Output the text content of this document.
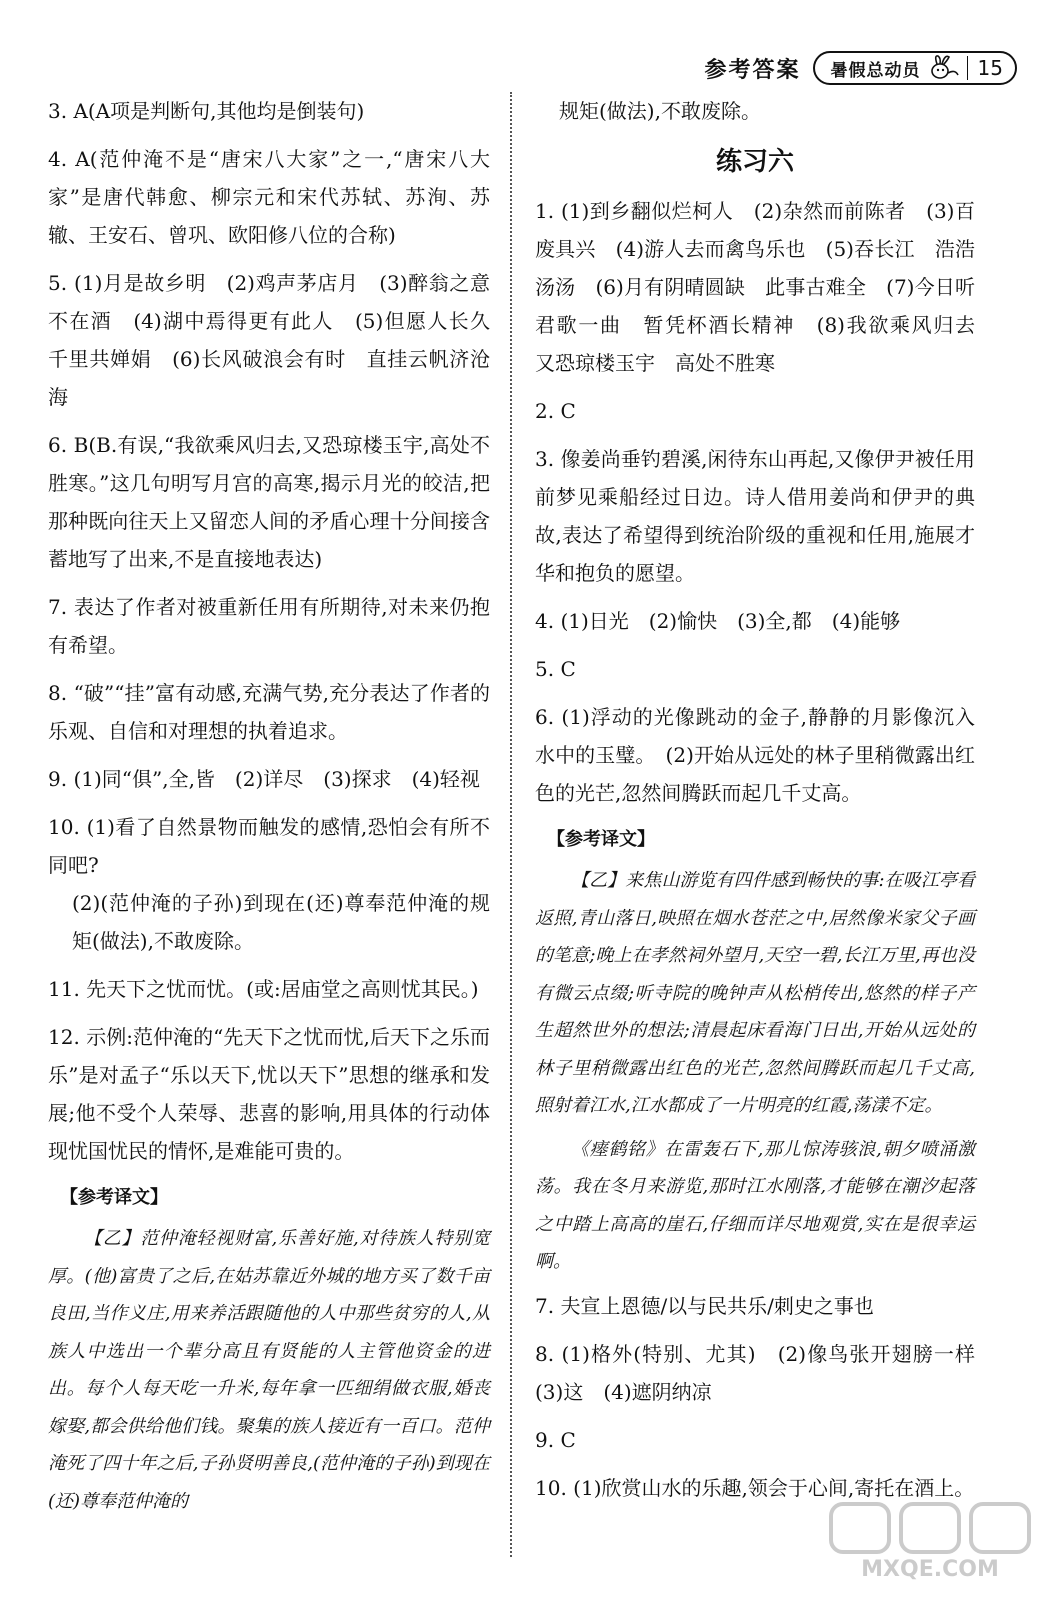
参考答案 暑假总动员	15

3. A(A项是判断句,其他均是倒装句)

4. A(范仲淹不是“唐宋八大家”之一,“唐宋八大家”是唐代韩愈、柳宗元和宋代苏轼、苏洵、苏辙、王安石、曾巩、欧阳修八位的合称)

5. (1)月是故乡明　(2)鸡声茅店月　(3)醉翁之意不在酒　(4)湖中焉得更有此人　(5)但愿人长久　千里共婵娟　(6)长风破浪会有时　直挂云帆济沧海

6. B(B.有误,“我欲乘风归去,又恐琼楼玉宇,高处不胜寒。”这几句明写月宫的高寒,揭示月光的皎洁,把那种既向往天上又留恋人间的矛盾心理十分间接含蓄地写了出来,不是直接地表达)

7. 表达了作者对被重新任用有所期待,对未来仍抱有希望。

8. “破”“挂”富有动感,充满气势,充分表达了作者的乐观、自信和对理想的执着追求。

9. (1)同“俱”,全,皆　(2)详尽　(3)探求　(4)轻视

10. (1)看了自然景物而触发的感情,恐怕会有所不同吧?
(2)(范仲淹的子孙)到现在(还)尊奉范仲淹的规矩(做法),不敢废除。

11. 先天下之忧而忧。(或:居庙堂之高则忧其民。)

12. 示例:范仲淹的“先天下之忧而忧,后天下之乐而乐”是对孟子“乐以天下,忧以天下”思想的继承和发展;他不受个人荣辱、悲喜的影响,用具体的行动体现忧国忧民的情怀,是难能可贵的。

【参考译文】

【乙】范仲淹轻视财富,乐善好施,对待族人特别宽厚。(他)富贵了之后,在姑苏靠近外城的地方买了数千亩良田,当作义庄,用来养活跟随他的人中那些贫穷的人,从族人中选出一个辈分高且有贤能的人主管他资金的进出。每个人每天吃一升米,每年拿一匹细绢做衣服,婚丧嫁娶,都会供给他们钱。聚集的族人接近有一百口。范仲淹死了四十年之后,子孙贤明善良,(范仲淹的子孙)到现在(还)尊奉范仲淹的

规矩(做法),不敢废除。

练习六

1. (1)到乡翻似烂柯人　(2)杂然而前陈者　(3)百废具兴　(4)游人去而禽鸟乐也　(5)吞长江　浩浩汤汤　(6)月有阴晴圆缺　此事古难全　(7)今日听君歌一曲　暂凭杯酒长精神　(8)我欲乘风归去　又恐琼楼玉宇　高处不胜寒

2. C

3. 像姜尚垂钓碧溪,闲待东山再起,又像伊尹被任用前梦见乘船经过日边。诗人借用姜尚和伊尹的典故,表达了希望得到统治阶级的重视和任用,施展才华和抱负的愿望。

4. (1)日光　(2)愉快　(3)全,都　(4)能够

5. C

6. (1)浮动的光像跳动的金子,静静的月影像沉入水中的玉璧。　(2)开始从远处的林子里稍微露出红色的光芒,忽然间腾跃而起几千丈高。

【参考译文】

【乙】来焦山游览有四件感到畅快的事:在吸江亭看返照,青山落日,映照在烟水苍茫之中,居然像米家父子画的笔意;晚上在孝然祠外望月,天空一碧,长江万里,再也没有微云点缀;听寺院的晚钟声从松梢传出,悠然的样子产生超然世外的想法;清晨起床看海门日出,开始从远处的林子里稍微露出红色的光芒,忽然间腾跃而起几千丈高,照射着江水,江水都成了一片明亮的红霞,荡漾不定。

《瘗鹤铭》在雷轰石下,那儿惊涛骇浪,朝夕喷涌激荡。我在冬月来游览,那时江水刚落,才能够在潮汐起落之中踏上高高的崖石,仔细而详尽地观赏,实在是很幸运啊。

7. 夫宣上恩德/以与民共乐/刺史之事也

8. (1)格外(特别、尤其)　(2)像鸟张开翅膀一样　(3)这　(4)遮阴纳凉

9. C

10. (1)欣赏山水的乐趣,领会于心间,寄托在酒上。

MXQE.COM
